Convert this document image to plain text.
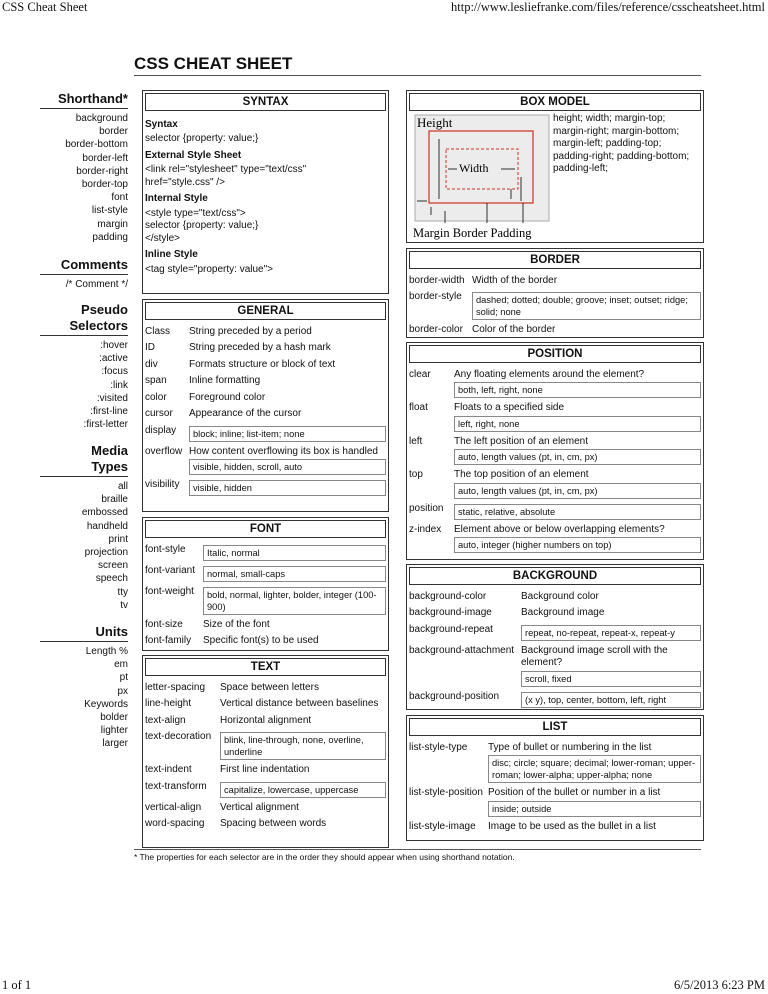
CSS Cheat Sheet	http://www.lesliefranke.com/files/reference/csscheatsheet.html
1 of 1	6/5/2013 6:23 PM
CSS CHEAT SHEET
Shorthand*
background
border
border-bottom
border-left
border-right
border-top
font
list-style
margin
padding
Comments
/* Comment */
Pseudo
Selectors
:hover
:active
:focus
:link
:visited
:first-line
:first-letter
Media
Types
all
braille
embossed
handheld
print
projection
screen
speech
tty
tv
Units
Length %
em
pt
px
Keywords
bolder
lighter
larger
SYNTAX
Syntax
selector {property: value;}
External Style Sheet
<link rel="stylesheet" type="text/css"
href="style.css" />
Internal Style
<style type="text/css">
selector {property: value;}
</style>
Inline Style
<tag style="property: value">
GENERAL
Class	String preceded by a period
ID	String preceded by a hash mark
div	Formats structure or block of text
span	Inline formatting
color	Foreground color
cursor	Appearance of the cursor
display	block; inline; list-item; none
overflow How content overflowing its box is handled
visible, hidden, scroll, auto
visibility	visible, hidden
FONT
font-style	Italic, normal
font-variant	normal, small-caps
font-weight	bold, normal, lighter, bolder, integer (100-900)
font-size	Size of the font
font-family	Specific font(s) to be used
TEXT
letter-spacing	Space between letters
line-height	Vertical distance between baselines
text-align	Horizontal alignment
text-decoration	blink, line-through, none, overline, underline
text-indent	First line indentation
text-transform	capitalize, lowercase, uppercase
vertical-align	Vertical alignment
word-spacing	Spacing between words
BOX MODEL
Height
Width
Margin Border Padding
height; width; margin-top; margin-right; margin-bottom; margin-left; padding-top; padding-right; padding-bottom; padding-left;
BORDER
border-width Width of the border
border-style	dashed; dotted; double; groove; inset; outset; ridge; solid; none
border-color Color of the border
POSITION
clear	Any floating elements around the element?
both, left, right, none
float	Floats to a specified side
left, right, none
left	The left position of an element
auto, length values (pt, in, cm, px)
top	The top position of an element
auto, length values (pt, in, cm, px)
position	static, relative, absolute
z-index	Element above or below overlapping elements?
auto, integer (higher numbers on top)
BACKGROUND
background-color	Background color
background-image	Background image
background-repeat	repeat, no-repeat, repeat-x, repeat-y
background-attachment Background image scroll with the element?
scroll, fixed
background-position	(x y), top, center, bottom, left, right
LIST
list-style-type	Type of bullet or numbering in the list
disc; circle; square; decimal; lower-roman; upper-roman; lower-alpha; upper-alpha; none
list-style-position Position of the bullet or number in a list
inside; outside
list-style-image	Image to be used as the bullet in a list
* The properties for each selector are in the order they should appear when using shorthand notation.
